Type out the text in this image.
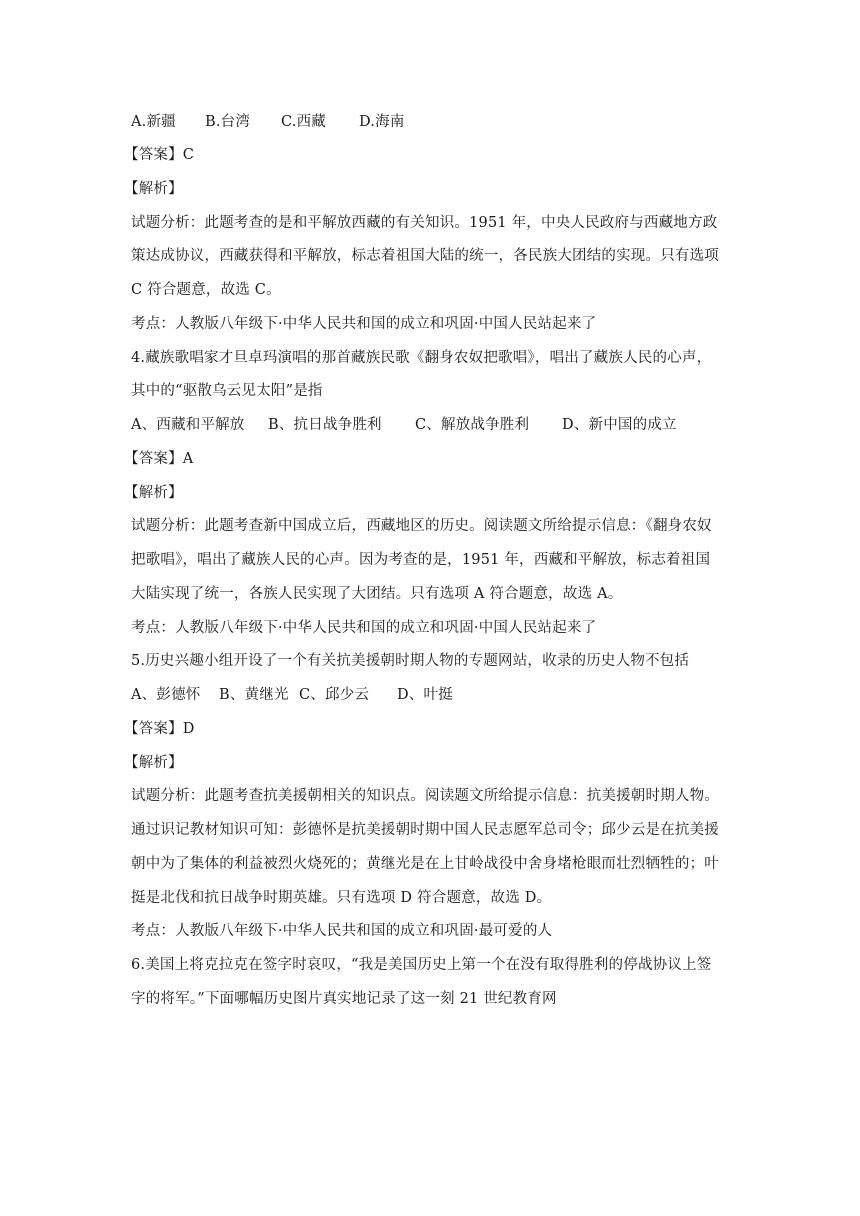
A.新疆	B.台湾	C.西藏	D.海南
【答案】C
【解析】
试题分析：此题考查的是和平解放西藏的有关知识。1951 年，中央人民政府与西藏地方政
策达成协议，西藏获得和平解放，标志着祖国大陆的统一，各民族大团结的实现。只有选项
C 符合题意，故选 C。
考点：人教版八年级下·中华人民共和国的成立和巩固·中国人民站起来了
4.藏族歌唱家才旦卓玛演唱的那首藏族民歌《翻身农奴把歌唱》，唱出了藏族人民的心声，
其中的“驱散乌云见太阳”是指
A、西藏和平解放	B、抗日战争胜利	C、解放战争胜利	D、新中国的成立
【答案】A
【解析】
试题分析：此题考查新中国成立后，西藏地区的历史。阅读题文所给提示信息：《翻身农奴
把歌唱》，唱出了藏族人民的心声。因为考查的是，1951 年，西藏和平解放，标志着祖国
大陆实现了统一，各族人民实现了大团结。只有选项 A 符合题意，故选 A。
考点：人教版八年级下·中华人民共和国的成立和巩固·中国人民站起来了
5.历史兴趣小组开设了一个有关抗美援朝时期人物的专题网站，收录的历史人物不包括
A、彭德怀	B、黄继光 C、邱少云	D、叶挺
【答案】D
【解析】
试题分析：此题考查抗美援朝相关的知识点。阅读题文所给提示信息：抗美援朝时期人物。
通过识记教材知识可知：彭德怀是抗美援朝时期中国人民志愿军总司令；邱少云是在抗美援
朝中为了集体的利益被烈火烧死的；黄继光是在上甘岭战役中舍身堵枪眼而壮烈牺牲的；叶
挺是北伐和抗日战争时期英雄。只有选项 D 符合题意，故选 D。
考点：人教版八年级下·中华人民共和国的成立和巩固·最可爱的人
6.美国上将克拉克在签字时哀叹，“我是美国历史上第一个在没有取得胜利的停战协议上签
字的将军。”下面哪幅历史图片真实地记录了这一刻 21 世纪教育网
